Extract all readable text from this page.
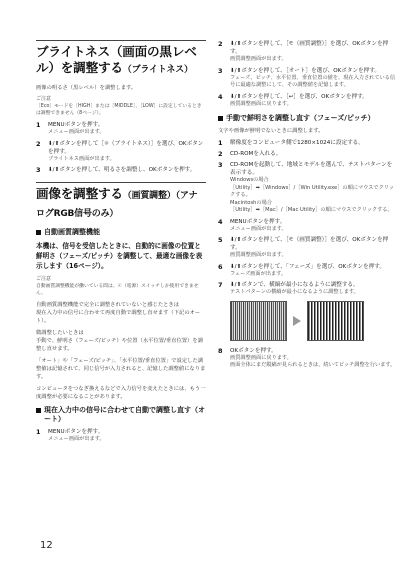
ブライトネス（画面の黒レベル）を調整する（ブライトネス）
画像の明るさ（黒レベル）を調整します。
ご注意
［Eco］モードを［HIGH］または［MIDDLE］、［LOW］に設定しているときは調整できません（8ページ）。
1 MENUボタンを押す。
メニュー画面が出ます。
2 ⬇/⬆ボタンを押して［☼（ブライトネス）］を選び、OKボタンを押す。
ブライトネス画面が出ます。
3 ⬇/⬆ボタンを押して、明るさを調整し、OKボタンを押す。
画像を調整する（画質調整）（アナログRGB信号のみ）
自動画質調整機能
本機は、信号を受信したときに、自動的に画像の位置と鮮明さ（フェーズ/ピッチ）を調整して、最適な画像を表示します（16ページ）。
ご注意
自動画質調整機能が働いている間は、☉（電源）スイッチしか使用できません。
自動画質調整機能で完全に調整されていないと感じたときは
現在入力中の信号に合わせて再度自動で調整し直せます（下記のオート）。
微調整したいときは
手動で、鮮明さ（フェーズ/ピッチ）や位置（水平位置/垂直位置）を調整し直せます。
「オート」や「フェーズ/ピッチ」、「水平位置/垂直位置」で設定した調整値は記憶されて、同じ信号が入力されると、記憶した調整値になります。
コンピュータをつなぎ換えるなどで入力信号を変えたときには、もう一度調整が必要になることがあります。
現在入力中の信号に合わせて自動で調整し直す（オート）
1 MENUボタンを押す。
メニュー画面が出ます。
2 ⬇/⬆ボタンを押して、［⚟（画質調整）］を選び、OKボタンを押す。
画質調整画面が出ます。
3 ⬇/⬆ボタンを押して、［オート］を選び、OKボタンを押す。
フェーズ、ピッチ、水平位置、垂直位置の値を、現在入力されている信号に最適な調整にして、その調整値を記憶します。
4 ⬇/⬆ボタンを押して、［↩］を選び、OKボタンを押す。
画質調整画面に戻ります。
手動で鮮明さを調整し直す（フェーズ/ピッチ）
文字や画像が鮮明でないときに調整します。
1 解像度をコンピュータ側で1280×1024に設定する。
2 CD-ROMを入れる。
3 CD-ROMを起動して、地域とモデルを選んで、テストパターンを表示する。
Windowsの場合
［Utility］➡［Windows］/［Win Utility.exe］の順にマウスでクリックする。
Macintoshの場合
［Utility］➡［Mac］/［Mac Utility］の順にマウスでクリックする。
4 MENUボタンを押す。
メニュー画面が出ます。
5 ⬇/⬆ボタンを押して、［⚟（画質調整）］を選び、OKボタンを押す。
画質調整画面が出ます。
6 ⬇/⬆ボタンを押して、「フェーズ」を選び、OKボタンを押す。
フェーズ画面が出ます。
7 ⬇/⬆ボタンで、横縞が最小になるように調整する。
テストパターンの横縞が最小になるように調整します。
8 OKボタンを押す。
画質調整画面に戻ります。
画面全体にまだ縦縞が見られるときは、続いてピッチ調整を行います。
12
